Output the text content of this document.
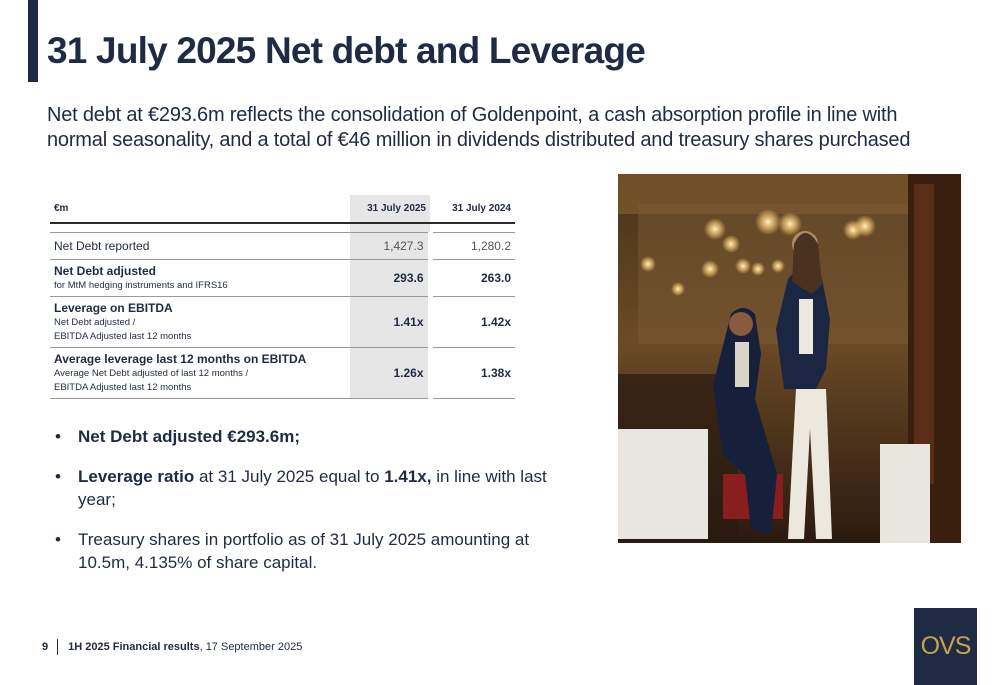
31 July 2025 Net debt and Leverage

Net debt at €293.6m reflects the consolidation of Goldenpoint, a cash absorption profile in line with normal seasonality, and a total of €46 million in dividends distributed and treasury shares purchased

€m	31 July 2025	31 July 2024

Net Debt reported	1,427.3	1,280.2

Net Debt adjusted
for MtM hedging instruments and IFRS16	293.6	263.0

Leverage on EBITDA
Net Debt adjusted /
EBITDA Adjusted last 12 months	1.41x	1.42x

Average leverage last 12 months on EBITDA
Average Net Debt adjusted of last 12 months /
EBITDA Adjusted last 12 months	1.26x	1.38x
• Net Debt adjusted €293.6m;
• Leverage ratio at 31 July 2025 equal to 1.41x, in line with last year;
• Treasury shares in portfolio as of 31 July 2025 amounting at 10.5m, 4.135% of share capital.
9 1H 2025 Financial results , 17 September 2025	OVS
